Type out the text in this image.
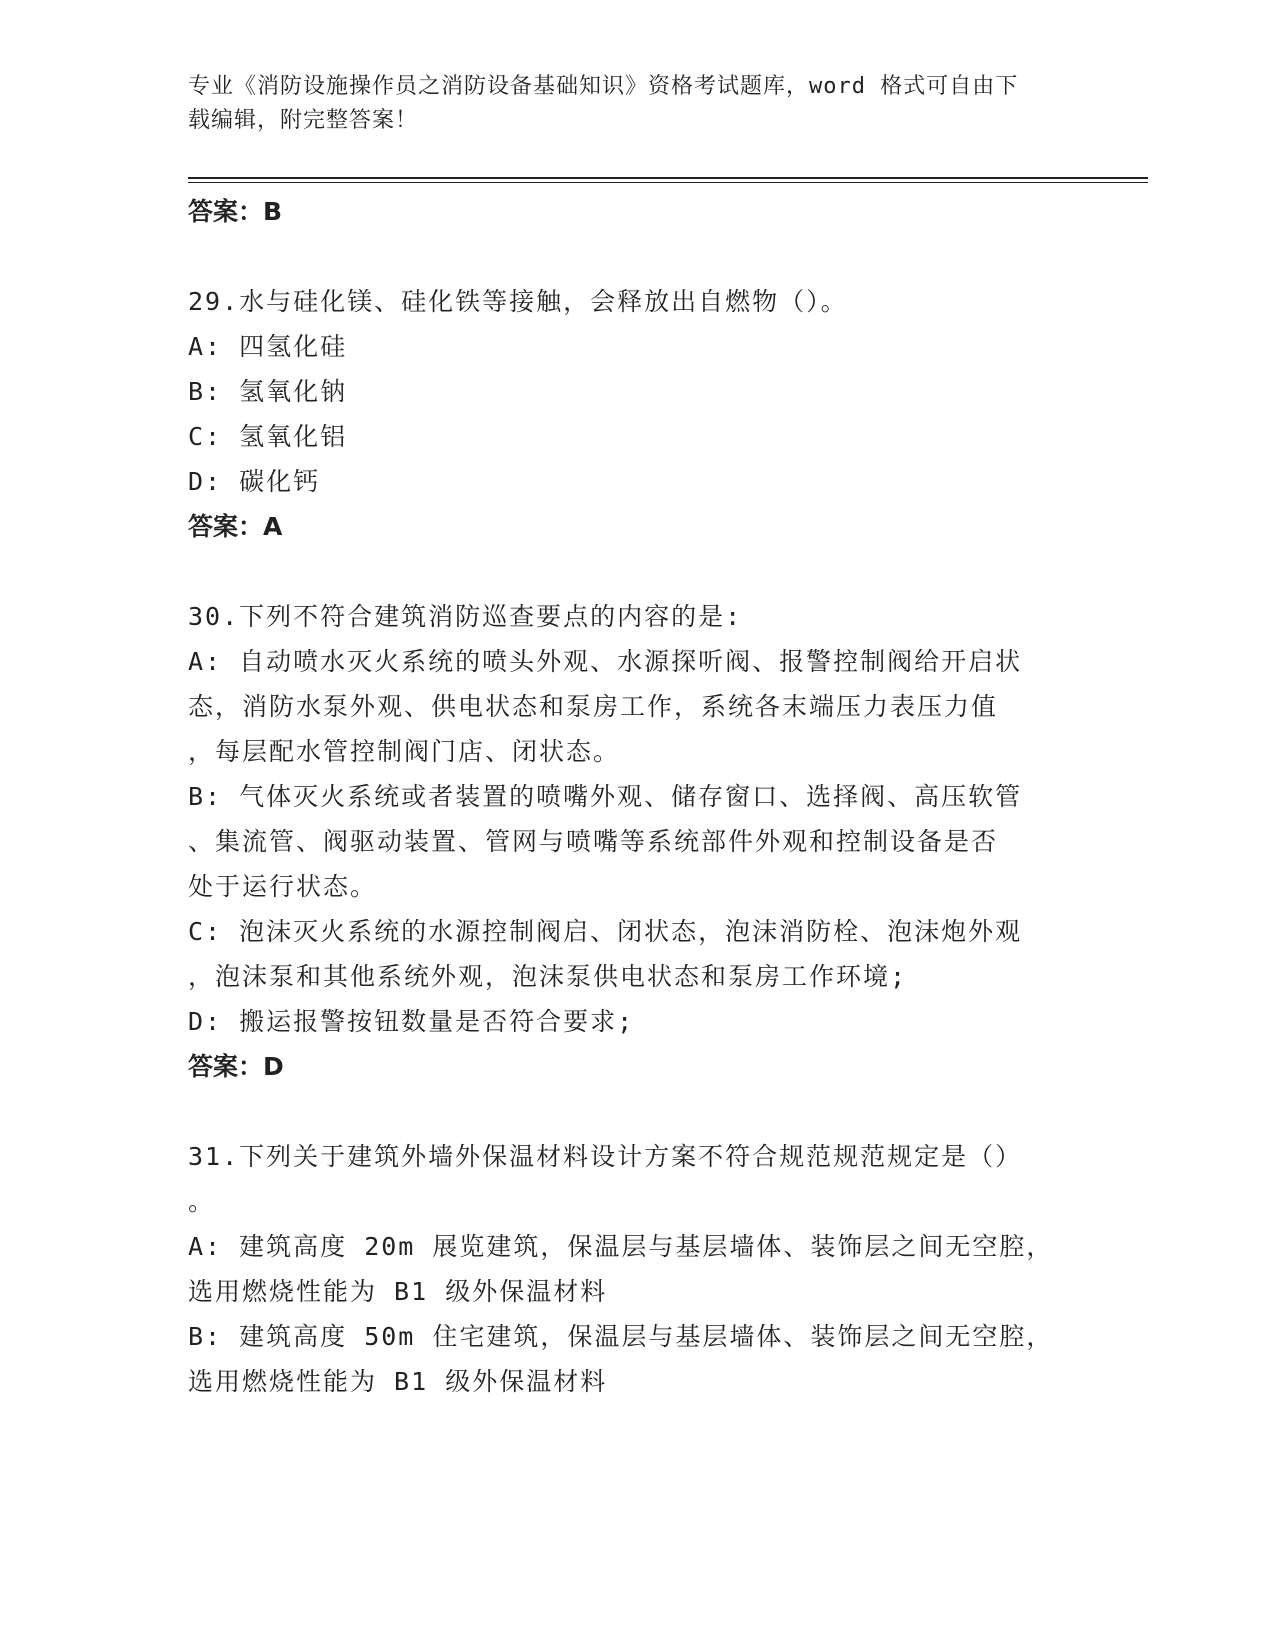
专业《消防设施操作员之消防设备基础知识》资格考试题库，word 格式可自由下
载编辑，附完整答案！

答案：B

29.水与硅化镁、硅化铁等接触，会释放出自燃物（）。

A: 四氢化硅

B: 氢氧化钠

C: 氢氧化铝

D: 碳化钙

答案：A

30.下列不符合建筑消防巡查要点的内容的是:

A: 自动喷水灭火系统的喷头外观、水源探听阀、报警控制阀给开启状

态，消防水泵外观、供电状态和泵房工作，系统各末端压力表压力值

，每层配水管控制阀门店、闭状态。

B: 气体灭火系统或者装置的喷嘴外观、储存窗口、选择阀、高压软管

、集流管、阀驱动装置、管网与喷嘴等系统部件外观和控制设备是否

处于运行状态。

C: 泡沫灭火系统的水源控制阀启、闭状态，泡沫消防栓、泡沫炮外观

，泡沫泵和其他系统外观，泡沫泵供电状态和泵房工作环境;

D: 搬运报警按钮数量是否符合要求;

答案：D

31.下列关于建筑外墙外保温材料设计方案不符合规范规范规定是（）

。

A: 建筑高度 20m 展览建筑，保温层与基层墙体、装饰层之间无空腔，

选用燃烧性能为 B1 级外保温材料

B: 建筑高度 50m 住宅建筑，保温层与基层墙体、装饰层之间无空腔，

选用燃烧性能为 B1 级外保温材料
